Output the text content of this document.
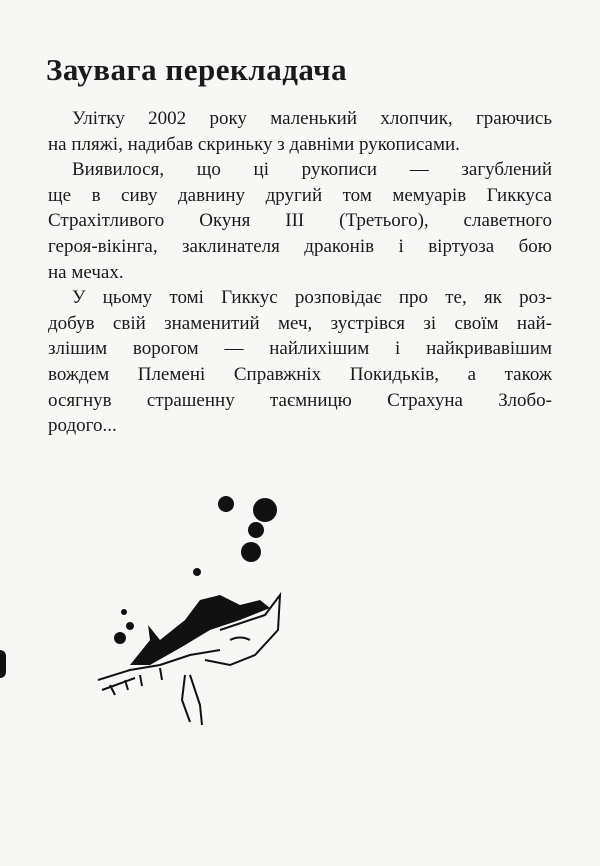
Заувага перекладача
Улітку 2002 року маленький хлопчик, граючись
на пляжі, надибав скриньку з давніми рукописами.
Виявилося, що ці рукописи — загублений
ще в сиву давнину другий том мемуарів Гиккуса
Страхітливого Окуня III (Третього), славетного
героя-вікінга, заклинателя драконів і віртуоза бою
на мечах.
У цьому томі Гиккус розповідає про те, як роз-
добув свій знаменитий меч, зустрівся зі своїм най-
злішим ворогом — найлихішим і найкривавішим
вождем Племені Справжніх Покидьків, а також
осягнув страшенну таємницю Страхуна Злобо-
родого...
